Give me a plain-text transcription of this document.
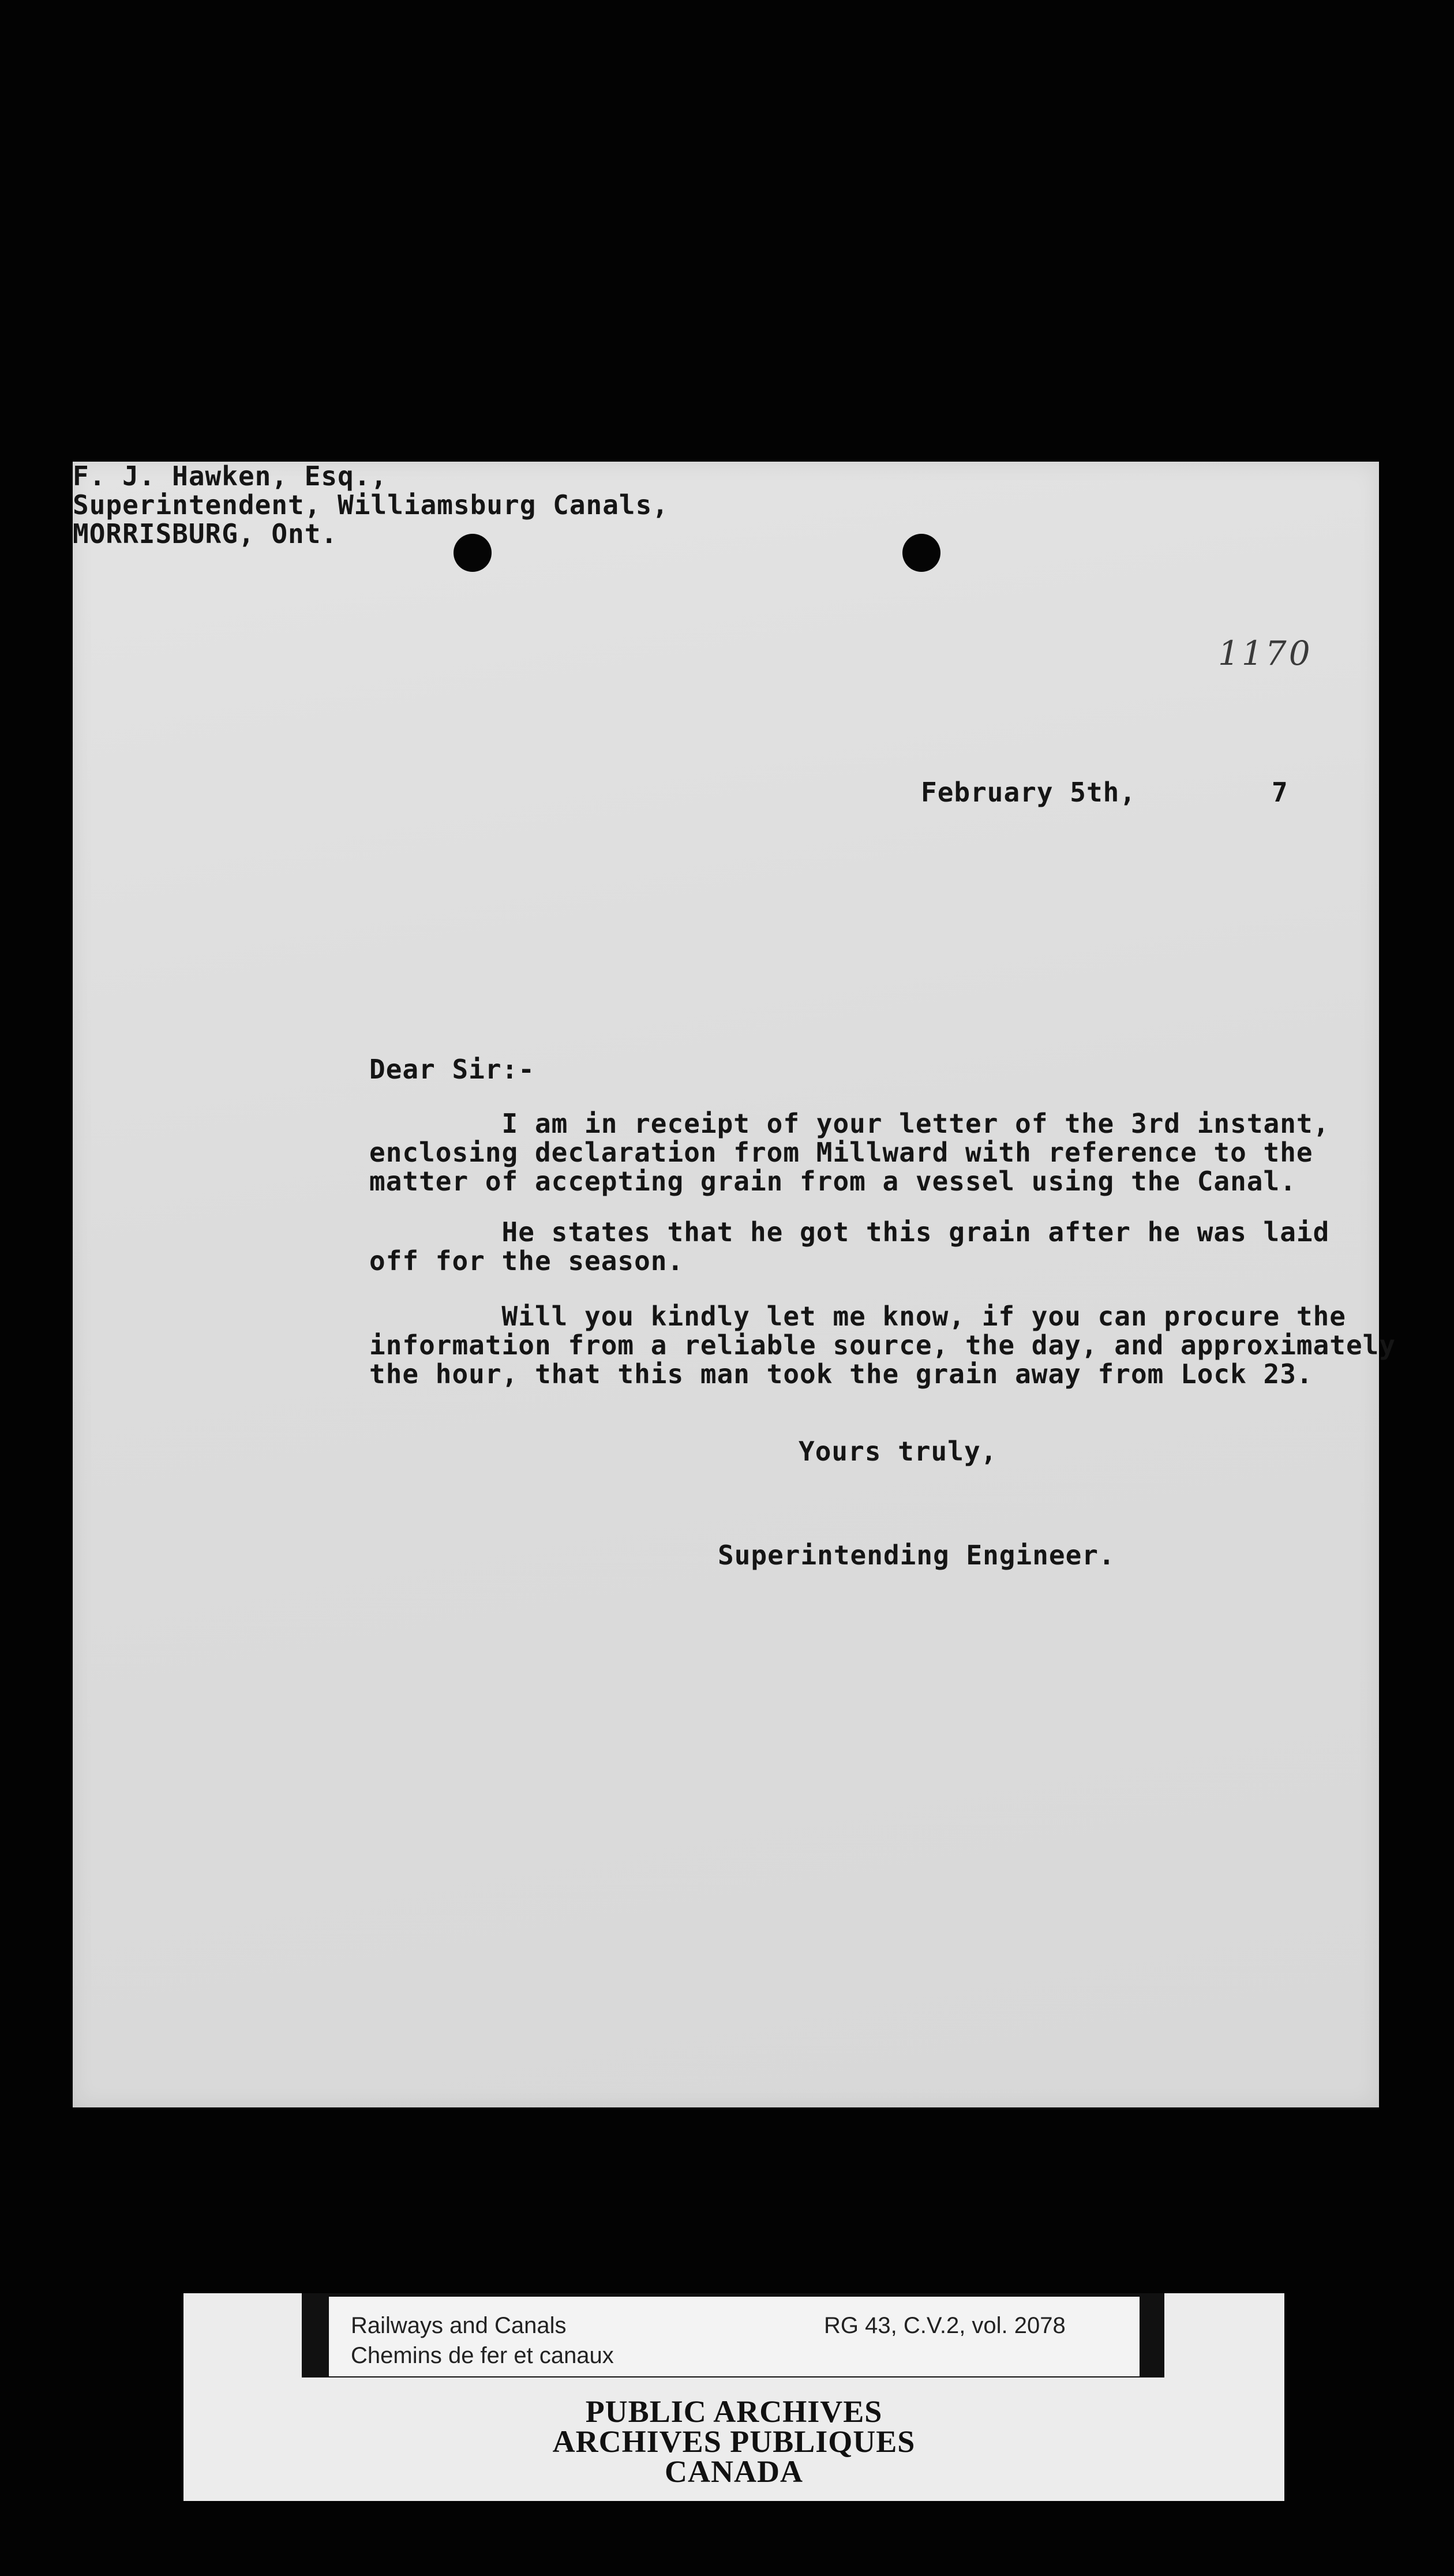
1170
February 5th,	7
F. J. Hawken, Esq.,
Superintendent, Williamsburg Canals,
MORRISBURG, Ont.
Dear Sir:-
I am in receipt of your letter of the 3rd instant,
enclosing declaration from Millward with reference to the
matter of accepting grain from a vessel using the Canal.
He states that he got this grain after he was laid
off for the season.
Will you kindly let me know, if you can procure the
information from a reliable source, the day, and approximately
the hour, that this man took the grain away from Lock 23.
Yours truly,
Superintending Engineer.
Railways and Canals
Chemins de fer et canaux
RG 43, C.V.2, vol. 2078
PUBLIC ARCHIVES
ARCHIVES PUBLIQUES
CANADA
